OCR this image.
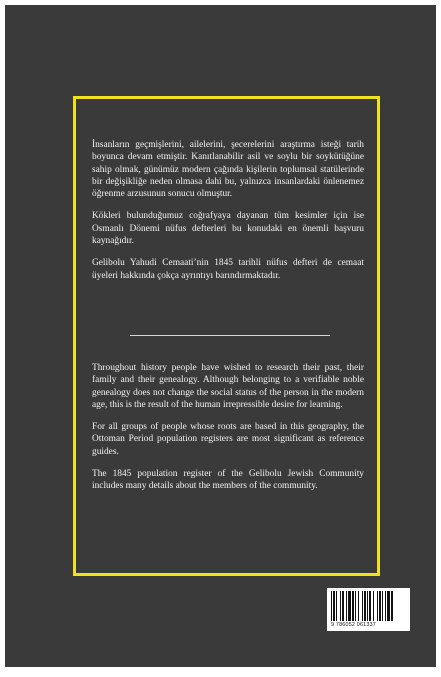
İnsanların geçmişlerini, ailelerini, şecerelerini araştırma isteği tarih boyunca devam etmiştir. Kanıtlanabilir asil ve soylu bir soykütüğüne sahip olmak, günümüz modern çağında kişilerin toplumsal statülerinde bir değişikliğe neden olmasa dahi bu, yalnızca insanlardaki önlenemez öğrenme arzusunun sonucu olmuştur.

Kökleri bulunduğumuz coğrafyaya dayanan tüm kesimler için ise Osmanlı Dönemi nüfus defterleri bu konudaki en önemli başvuru kaynağıdır.

Gelibolu Yahudi Cemaati’nin 1845 tarihli nüfus defteri de cemaat üyeleri hakkında çokça ayrıntıyı barındırmaktadır.

Throughout history people have wished to research their past, their family and their genealogy. Although belonging to a verifiable noble genealogy does not change the social status of the person in the modern age, this is the result of the human irrepressible desire for learning.

For all groups of people whose roots are based in this geography, the Ottoman Period population registers are most significant as reference guides.

The 1845 population register of the Gelibolu Jewish Community includes many details about the members of the community.

9 786052 061337
